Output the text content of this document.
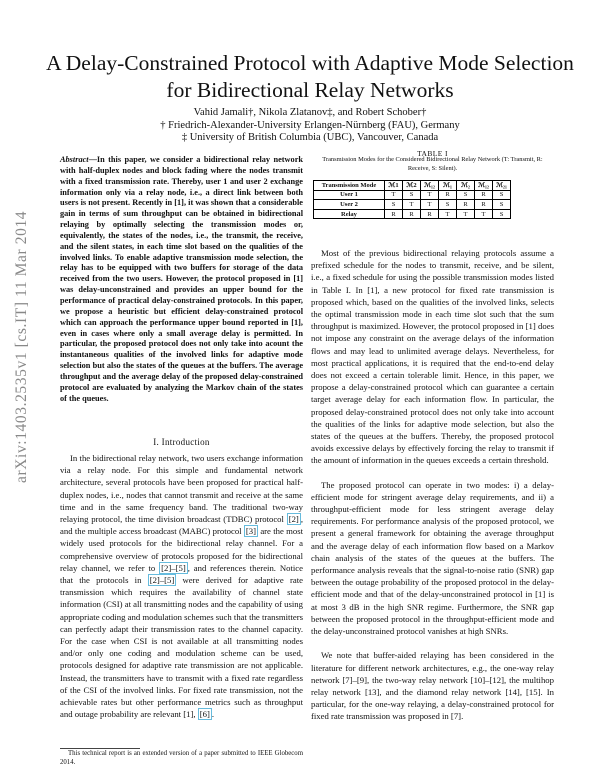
arXiv:1403.2535v1 [cs.IT] 11 Mar 2014
A Delay-Constrained Protocol with Adaptive Mode Selection for Bidirectional Relay Networks
Vahid Jamali†, Nikola Zlatanov‡, and Robert Schober†
† Friedrich-Alexander-University Erlangen-Nürnberg (FAU), Germany
‡ University of British Columbia (UBC), Vancouver, Canada
Abstract—In this paper, we consider a bidirectional relay network with half-duplex nodes and block fading where the nodes transmit with a fixed transmission rate. Thereby, user 1 and user 2 exchange information only via a relay node, i.e., a direct link between both users is not present. Recently in [1], it was shown that a considerable gain in terms of sum throughput can be obtained in bidirectional relaying by optimally selecting the transmission modes or, equivalently, the states of the nodes, i.e., the transmit, the receive, and the silent states, in each time slot based on the qualities of the involved links. To enable adaptive transmission mode selection, the relay has to be equipped with two buffers for storage of the data received from the two users. However, the protocol proposed in [1] was delay-unconstrained and provides an upper bound for the performance of practical delay-constrained protocols. In this paper, we propose a heuristic but efficient delay-constrained protocol which can approach the performance upper bound reported in [1], even in cases where only a small average delay is permitted. In particular, the proposed protocol does not only take into acount the instantaneous qualities of the involved links for adaptive mode selection but also the states of the queues at the buffers. The average throughput and the average delay of the proposed delay-constrained protocol are evaluated by analyzing the Markov chain of the states of the queues.
I. Introduction

In the bidirectional relay network, two users exchange information via a relay node. For this simple and fundamental network architecture, several protocols have been proposed for practical half-duplex nodes, i.e., nodes that cannot transmit and receive at the same time and in the same frequency band. The traditional two-way relaying protocol, the time division broadcast (TDBC) protocol [2] , and the multiple access broadcast (MABC) protocol [3] are the most widely used protocols for the bidirectional relay channel. For a comprehensive overview of protocols proposed for the bidirectional relay channel, we refer to [2]–[5] , and references therein. Notice that the protocols in [2]–[5] were derived for adaptive rate transmission which requires the availability of channel state information (CSI) at all transmitting nodes and the capability of using appropriate coding and modulation schemes such that the transmitters can perfectly adapt their transmission rates to the channel capacity. For the case when CSI is not available at all transmitting nodes and/or only one coding and modulation scheme can be used, protocols designed for adaptive rate transmission are not applicable. Instead, the transmitters have to transmit with a fixed rate regardless of the CSI of the involved links. For fixed rate transmission, not the achievable rates but other performance metrics such as throughput and outage probability are relevant [1], [6] .

This technical report is an extended version of a paper submitted to IEEE Globecom 2014.
TABLE I
Transmission Modes for the Considered Bidirectional Relay Network (T: Transmit, R: Receive, S: Silent).
Transmission Mode	ℳ1	ℳ2	ℳ₁₂	ℳ₁	ℳ₂	ℳ₁₂	ℳ₂₁
User 1	T	S	T	R	S	R	S
User 2	S	T	T	S	R	R	S
Relay	R	R	R	T	T	T	S

Most of the previous bidirectional relaying protocols assume a prefixed schedule for the nodes to transmit, receive, and be silent, i.e., a fixed schedule for using the possible transmission modes listed in Table I. In [1], a new protocol for fixed rate transmission is proposed which, based on the qualities of the involved links, selects the optimal transmission mode in each time slot such that the sum throughput is maximized. However, the protocol proposed in [1] does not impose any constraint on the average delays of the information flows and may lead to unlimited average delays. Nevertheless, for most practical applications, it is required that the end-to-end delay does not exceed a certain tolerable limit. Hence, in this paper, we propose a delay-constrained protocol which can guarantee a certain target average delay for each information flow. In particular, the proposed delay-constrained protocol does not only take into account the qualities of the links for adaptive mode selection, but also the states of the queues at the buffers. Thereby, the proposed protocol avoids excessive delays by effectively forcing the relay to transmit if the amount of information in the queues exceeds a certain threshold.

The proposed protocol can operate in two modes: i) a delay-efficient mode for stringent average delay requirements, and ii) a throughput-efficient mode for less stringent average delay requirements. For performance analysis of the proposed protocol, we present a general framework for obtaining the average throughput and the average delay of each information flow based on a Markov chain analysis of the states of the queues at the buffers. The performance analysis reveals that the signal-to-noise ratio (SNR) gap between the outage probability of the proposed protocol in the delay-efficient mode and that of the delay-unconstrained protocol in [1] is at most 3 dB in the high SNR regime. Furthermore, the SNR gap between the proposed protocol in the throughput-efficient mode and the delay-unconstrained protocol vanishes at high SNRs.

We note that buffer-aided relaying has been considered in the literature for different network architectures, e.g., the one-way relay network [7]–[9], the two-way relay network [10]–[12], the multihop relay network [13], and the diamond relay network [14], [15]. In particular, for the one-way relaying, a delay-constrained protocol for fixed rate transmission was proposed in [7].
